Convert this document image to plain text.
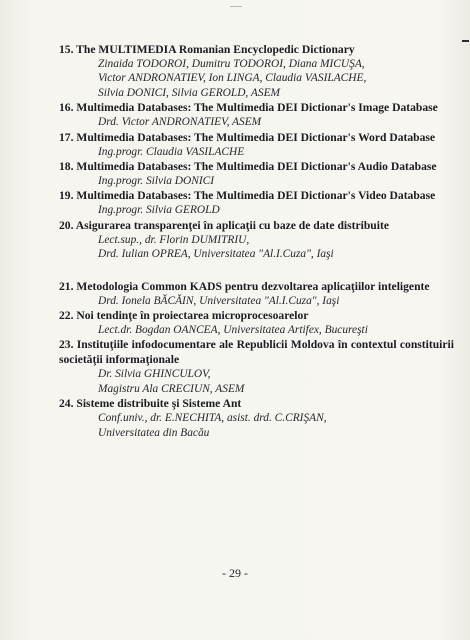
15. The MULTIMEDIA Romanian Encyclopedic Dictionary

Zinaida TODOROI, Dumitru TODOROI, Diana MICUŞA,

Victor ANDRONATIEV, Ion LINGA, Claudia VASILACHE,

Silvia DONICI, Silvia GEROLD, ASEM

16. Multimedia Databases: The Multimedia DEI Dictionar's Image Database

Drd. Victor ANDRONATIEV, ASEM

17. Multimedia Databases: The Multimedia DEI Dictionar's Word Database

Ing.progr. Claudia VASILACHE

18. Multimedia Databases: The Multimedia DEI Dictionar's Audio Database

Ing.progr. Silvia DONICI

19. Multimedia Databases: The Multimedia DEI Dictionar's Video Database

Ing.progr. Silvia GEROLD

20. Asigurarea transparenţei în aplicaţii cu baze de date distribuite

Lect.sup., dr. Florin DUMITRIU,

Drd. Iulian OPREA, Universitatea "Al.I.Cuza", Iaşi

21. Metodologia Common KADS pentru dezvoltarea aplicaţiilor inteligente

Drd. Ionela BĂCĂIN, Universitatea "Al.I.Cuza", Iaşi

22. Noi tendinţe în proiectarea microprocesoarelor

Lect.dr. Bogdan OANCEA, Universitatea Artifex, Bucureşti

23. Instituţiile infodocumentare ale Republicii Moldova în contextul constituirii societăţii informaţionale

Dr. Silvia GHINCULOV,

Magistru Ala CRECIUN, ASEM

24. Sisteme distribuite şi Sisteme Ant

Conf.univ., dr. E.NECHITA, asist. drd. C.CRIŞAN,

Universitatea din Bacău

- 29 -
